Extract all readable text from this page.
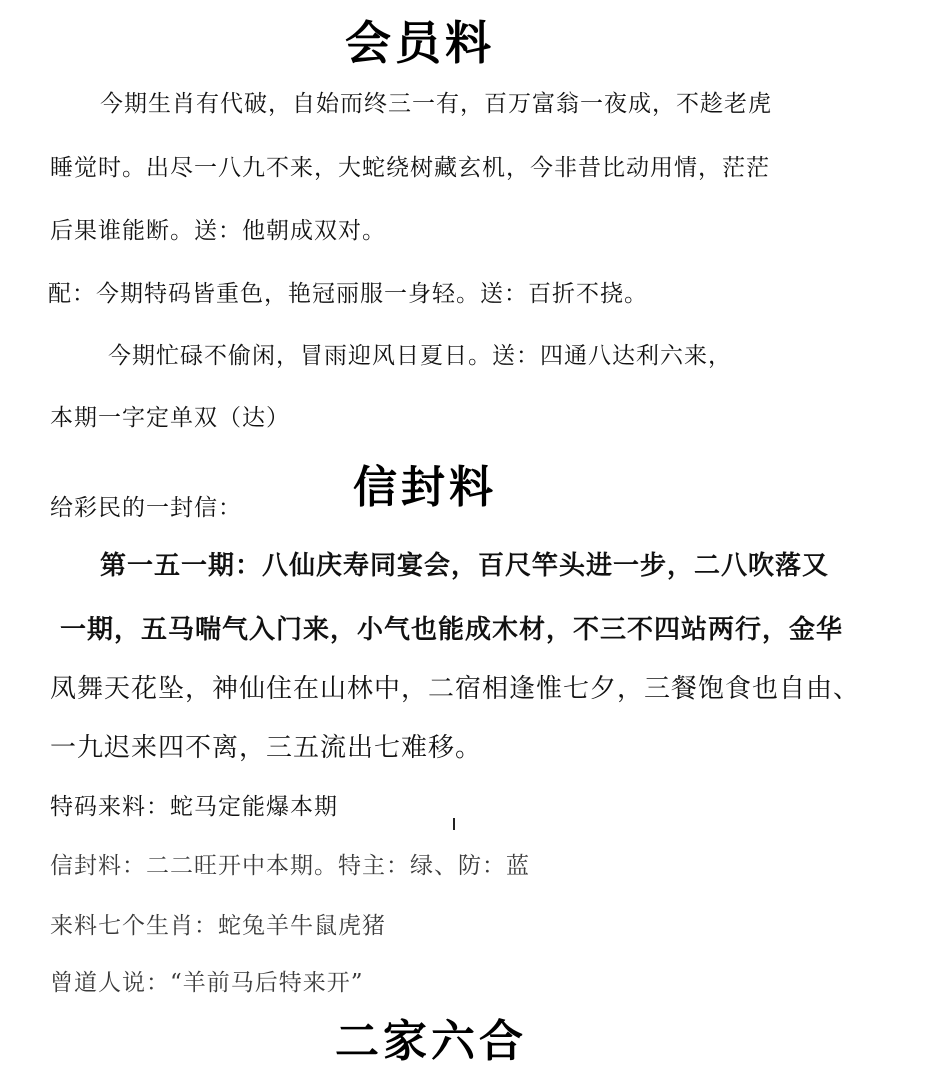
会员料
今期生肖有代破，自始而终三一有，百万富翁一夜成，不趁老虎
睡觉时。出尽一八九不来，大蛇绕树藏玄机，今非昔比动用情，茫茫
后果谁能断。送：他朝成双对。
配：今期特码皆重色，艳冠丽服一身轻。送：百折不挠。
今期忙碌不偷闲，冒雨迎风日夏日。送：四通八达利六来，
本期一字定单双（达）
给彩民的一封信：	信封料
第一五一期：八仙庆寿同宴会，百尺竿头进一步，二八吹落又
一期，五马喘气入门来，小气也能成木材，不三不四站两行，金华
凤舞天花坠，神仙住在山林中，二宿相逢惟七夕，三餐饱食也自由、
一九迟来四不离，三五流出七难移。
特码来料：蛇马定能爆本期
信封料：二二旺开中本期。特主：绿、防：蓝
来料七个生肖：蛇兔羊牛鼠虎猪
曾道人说：“羊前马后特来开”
二家六合
